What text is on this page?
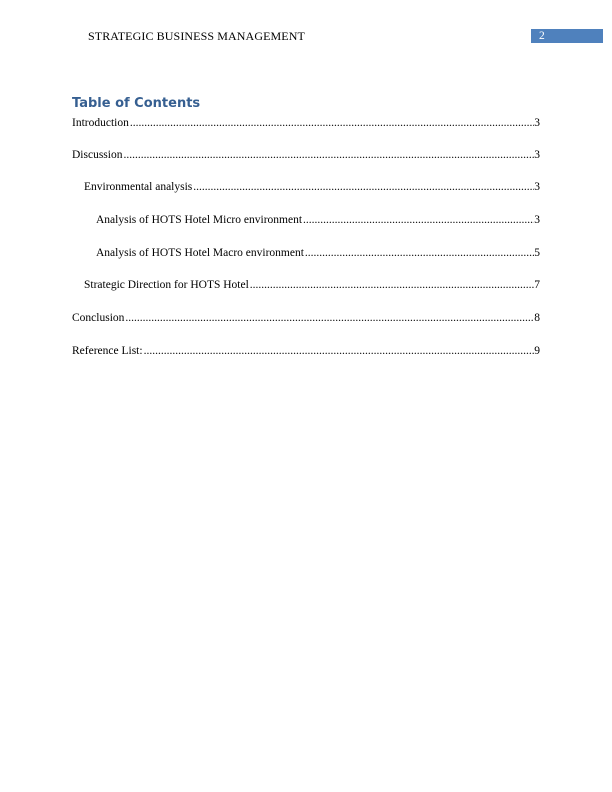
STRATEGIC BUSINESS MANAGEMENT	2
Table of Contents
Introduction .....	3
Discussion .....	3
Environmental analysis .....	3
Analysis of HOTS Hotel Micro environment .....	3
Analysis of HOTS Hotel Macro environment .....	5
Strategic Direction for HOTS Hotel .....	7
Conclusion .....	8
Reference List: .....	9
